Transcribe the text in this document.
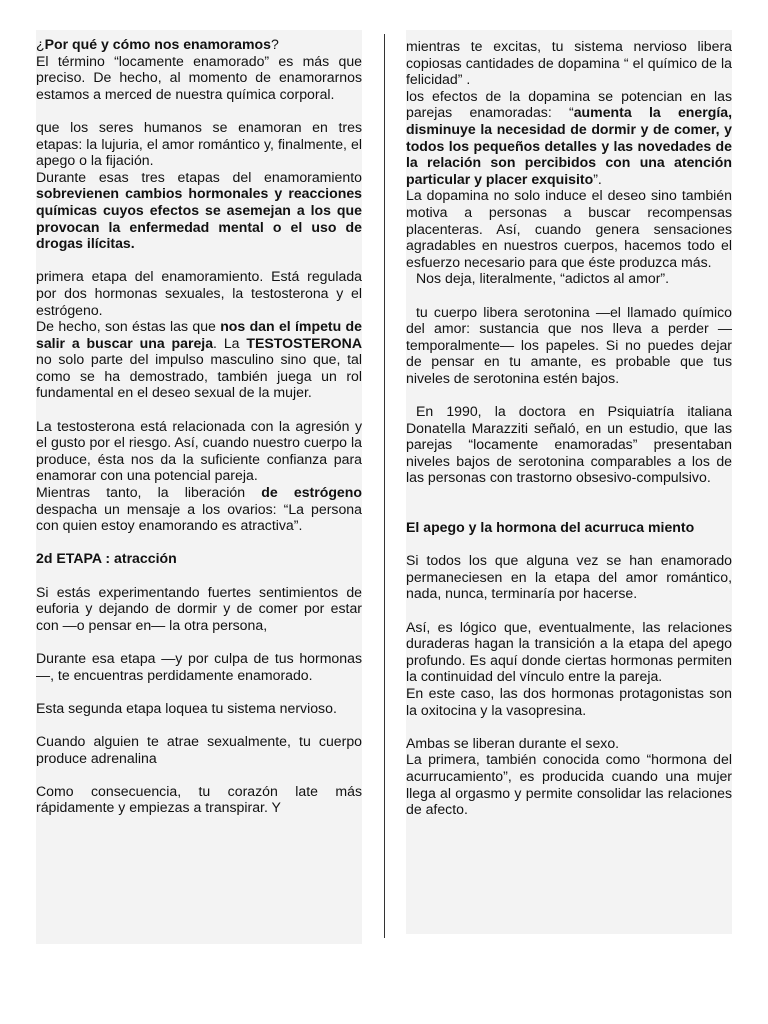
¿Por qué y cómo nos enamoramos?

El término “locamente enamorado” es más que preciso. De hecho, al momento de enamorarnos estamos a merced de nuestra química corporal.

que los seres humanos se enamoran en tres etapas: la lujuria, el amor romántico y, finalmente, el apego o la fijación.

Durante esas tres etapas del enamoramiento sobrevienen cambios hormonales y reacciones químicas cuyos efectos se asemejan a los que provocan la enfermedad mental o el uso de drogas ilícitas.

primera etapa del enamoramiento. Está regulada por dos hormonas sexuales, la testosterona y el estrógeno.

De hecho, son éstas las que nos dan el ímpetu de salir a buscar una pareja. La TESTOSTERONA no solo parte del impulso masculino sino que, tal como se ha demostrado, también juega un rol fundamental en el deseo sexual de la mujer.

La testosterona está relacionada con la agresión y el gusto por el riesgo. Así, cuando nuestro cuerpo la produce, ésta nos da la suficiente confianza para enamorar con una potencial pareja.

Mientras tanto, la liberación de estrógeno despacha un mensaje a los ovarios: “La persona con quien estoy enamorando es atractiva”.

2d ETAPA : atracción

Si estás experimentando fuertes sentimientos de euforia y dejando de dormir y de comer por estar con —o pensar en— la otra persona,

Durante esa etapa —y por culpa de tus hormonas—, te encuentras perdidamente enamorado.

Esta segunda etapa loquea tu sistema nervioso.

Cuando alguien te atrae sexualmente, tu cuerpo produce adrenalina

Como consecuencia, tu corazón late más rápidamente y empiezas a transpirar. Y

mientras te excitas, tu sistema nervioso libera copiosas cantidades de dopamina “ el químico de la felicidad” .

los efectos de la dopamina se potencian en las parejas enamoradas: “aumenta la energía, disminuye la necesidad de dormir y de comer, y todos los pequeños detalles y las novedades de la relación son percibidos con una atención particular y placer exquisito”.

La dopamina no solo induce el deseo sino también motiva a personas a buscar recompensas placenteras. Así, cuando genera sensaciones agradables en nuestros cuerpos, hacemos todo el esfuerzo necesario para que éste produzca más.

Nos deja, literalmente, “adictos al amor”.

tu cuerpo libera serotonina —el llamado químico del amor: sustancia que nos lleva a perder —temporalmente— los papeles. Si no puedes dejar de pensar en tu amante, es probable que tus niveles de serotonina estén bajos.

En 1990, la doctora en Psiquiatría italiana Donatella Marazziti señaló, en un estudio, que las parejas “locamente enamoradas” presentaban niveles bajos de serotonina comparables a los de las personas con trastorno obsesivo-compulsivo.

El apego y la hormona del acurruca miento

Si todos los que alguna vez se han enamorado permaneciesen en la etapa del amor romántico, nada, nunca, terminaría por hacerse.

Así, es lógico que, eventualmente, las relaciones duraderas hagan la transición a la etapa del apego profundo. Es aquí donde ciertas hormonas permiten la continuidad del vínculo entre la pareja.

En este caso, las dos hormonas protagonistas son la oxitocina y la vasopresina.

Ambas se liberan durante el sexo.

La primera, también conocida como “hormona del acurrucamiento”, es producida cuando una mujer llega al orgasmo y permite consolidar las relaciones de afecto.
